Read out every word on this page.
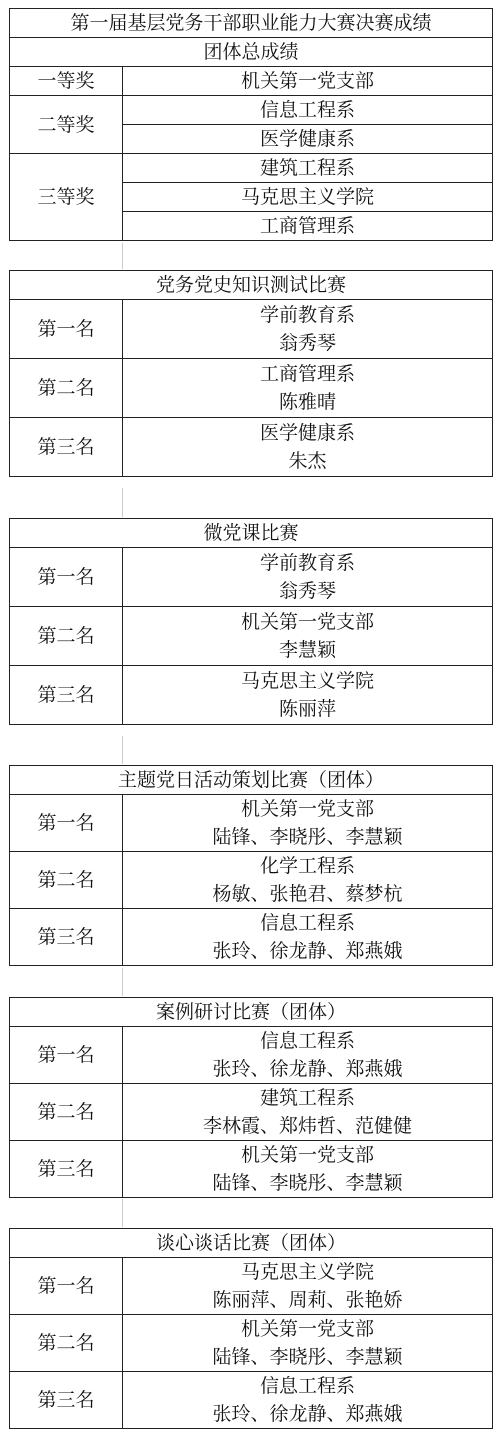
第一届基层党务干部职业能力大赛决赛成绩	
团体总成绩	
一等奖	机关第一党支部
二等奖	信息工程系
	医学健康系
三等奖	建筑工程系
	马克思主义学院
	工商管理系
党务党史知识测试比赛	
第一名	学前教育系
翁秀琴

第二名	工商管理系
陈雅晴

第三名	医学健康系
朱杰
微党课比赛	
第一名	学前教育系
翁秀琴

第二名	机关第一党支部
李慧颖

第三名	马克思主义学院
陈丽萍
主题党日活动策划比赛（团体）	
第一名	机关第一党支部
陆锋、李晓彤、李慧颖

第二名	化学工程系
杨敏、张艳君、蔡梦杭

第三名	信息工程系
张玲、徐龙静、郑燕娥
案例研讨比赛（团体）	
第一名	信息工程系
张玲、徐龙静、郑燕娥

第二名	建筑工程系
李林霞、郑炜哲、范健健

第三名	机关第一党支部
陆锋、李晓彤、李慧颖
谈心谈话比赛（团体）	
第一名	马克思主义学院
陈丽萍、周莉、张艳娇

第二名	机关第一党支部
陆锋、李晓彤、李慧颖

第三名	信息工程系
张玲、徐龙静、郑燕娥
